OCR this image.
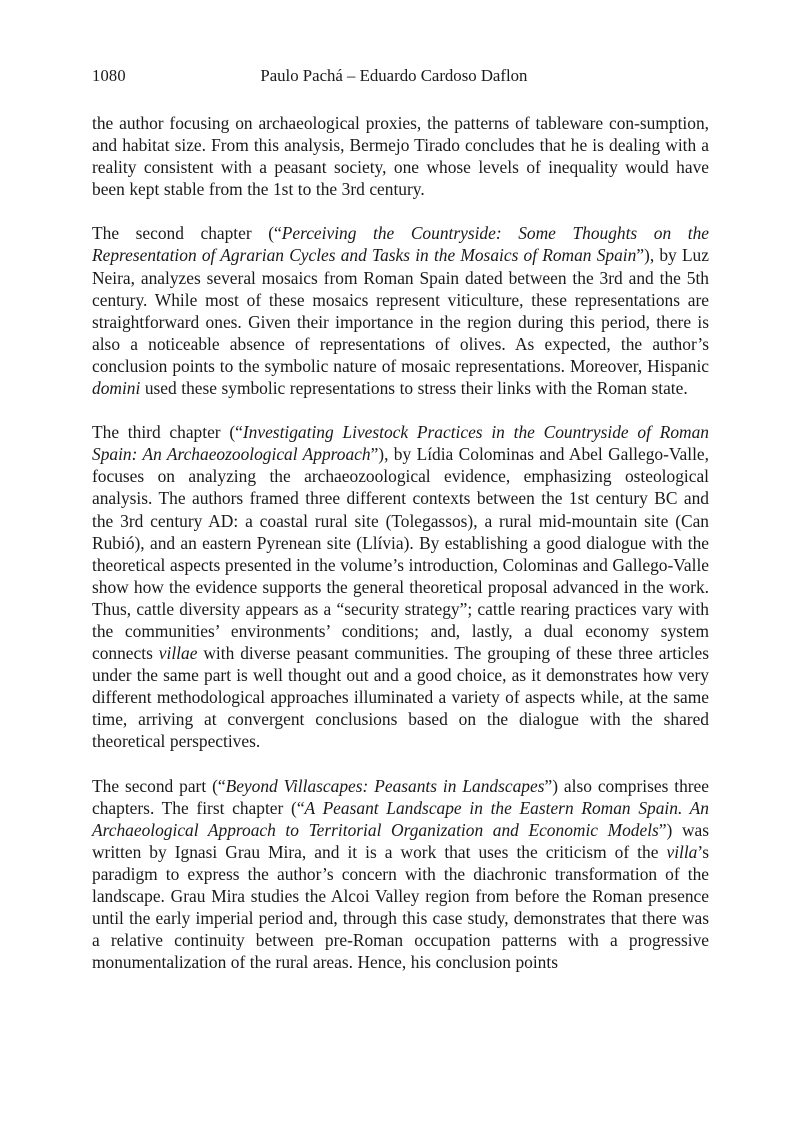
1080	Paulo Pachá – Eduardo Cardoso Daflon

the author focusing on archaeological proxies, the patterns of tableware con-sumption, and habitat size. From this analysis, Bermejo Tirado concludes that he is dealing with a reality consistent with a peasant society, one whose levels of inequality would have been kept stable from the 1st to the 3rd century.

The second chapter (“Perceiving the Countryside: Some Thoughts on the Representation of Agrarian Cycles and Tasks in the Mosaics of Roman Spain”), by Luz Neira, analyzes several mosaics from Roman Spain dated between the 3rd and the 5th century. While most of these mosaics represent viticulture, these representations are straightforward ones. Given their importance in the region during this period, there is also a noticeable absence of representations of olives. As expected, the author’s conclusion points to the symbolic nature of mosaic representations. Moreover, Hispanic domini used these symbolic representations to stress their links with the Roman state.

The third chapter (“Investigating Livestock Practices in the Countryside of Roman Spain: An Archaeozoological Approach”), by Lídia Colominas and Abel Gallego-Valle, focuses on analyzing the archaeozoological evidence, emphasizing osteological analysis. The authors framed three different contexts between the 1st century BC and the 3rd century AD: a coastal rural site (Tolegassos), a rural mid-mountain site (Can Rubió), and an eastern Pyrenean site (Llívia). By establishing a good dialogue with the theoretical aspects presented in the volume’s introduction, Colominas and Gallego-Valle show how the evidence supports the general theoretical proposal advanced in the work. Thus, cattle diversity appears as a “security strategy”; cattle rearing practices vary with the communities’ environments’ conditions; and, lastly, a dual economy system connects villae with diverse peasant communities. The grouping of these three articles under the same part is well thought out and a good choice, as it demonstrates how very different methodological approaches illuminated a variety of aspects while, at the same time, arriving at convergent conclusions based on the dialogue with the shared theoretical perspectives.

The second part (“Beyond Villascapes: Peasants in Landscapes”) also comprises three chapters. The first chapter (“A Peasant Landscape in the Eastern Roman Spain. An Archaeological Approach to Territorial Organization and Economic Models”) was written by Ignasi Grau Mira, and it is a work that uses the criticism of the villa’s paradigm to express the author’s concern with the diachronic transformation of the landscape. Grau Mira studies the Alcoi Valley region from before the Roman presence until the early imperial period and, through this case study, demonstrates that there was a relative continuity between pre-Roman occupation patterns with a progressive monumentalization of the rural areas. Hence, his conclusion points
